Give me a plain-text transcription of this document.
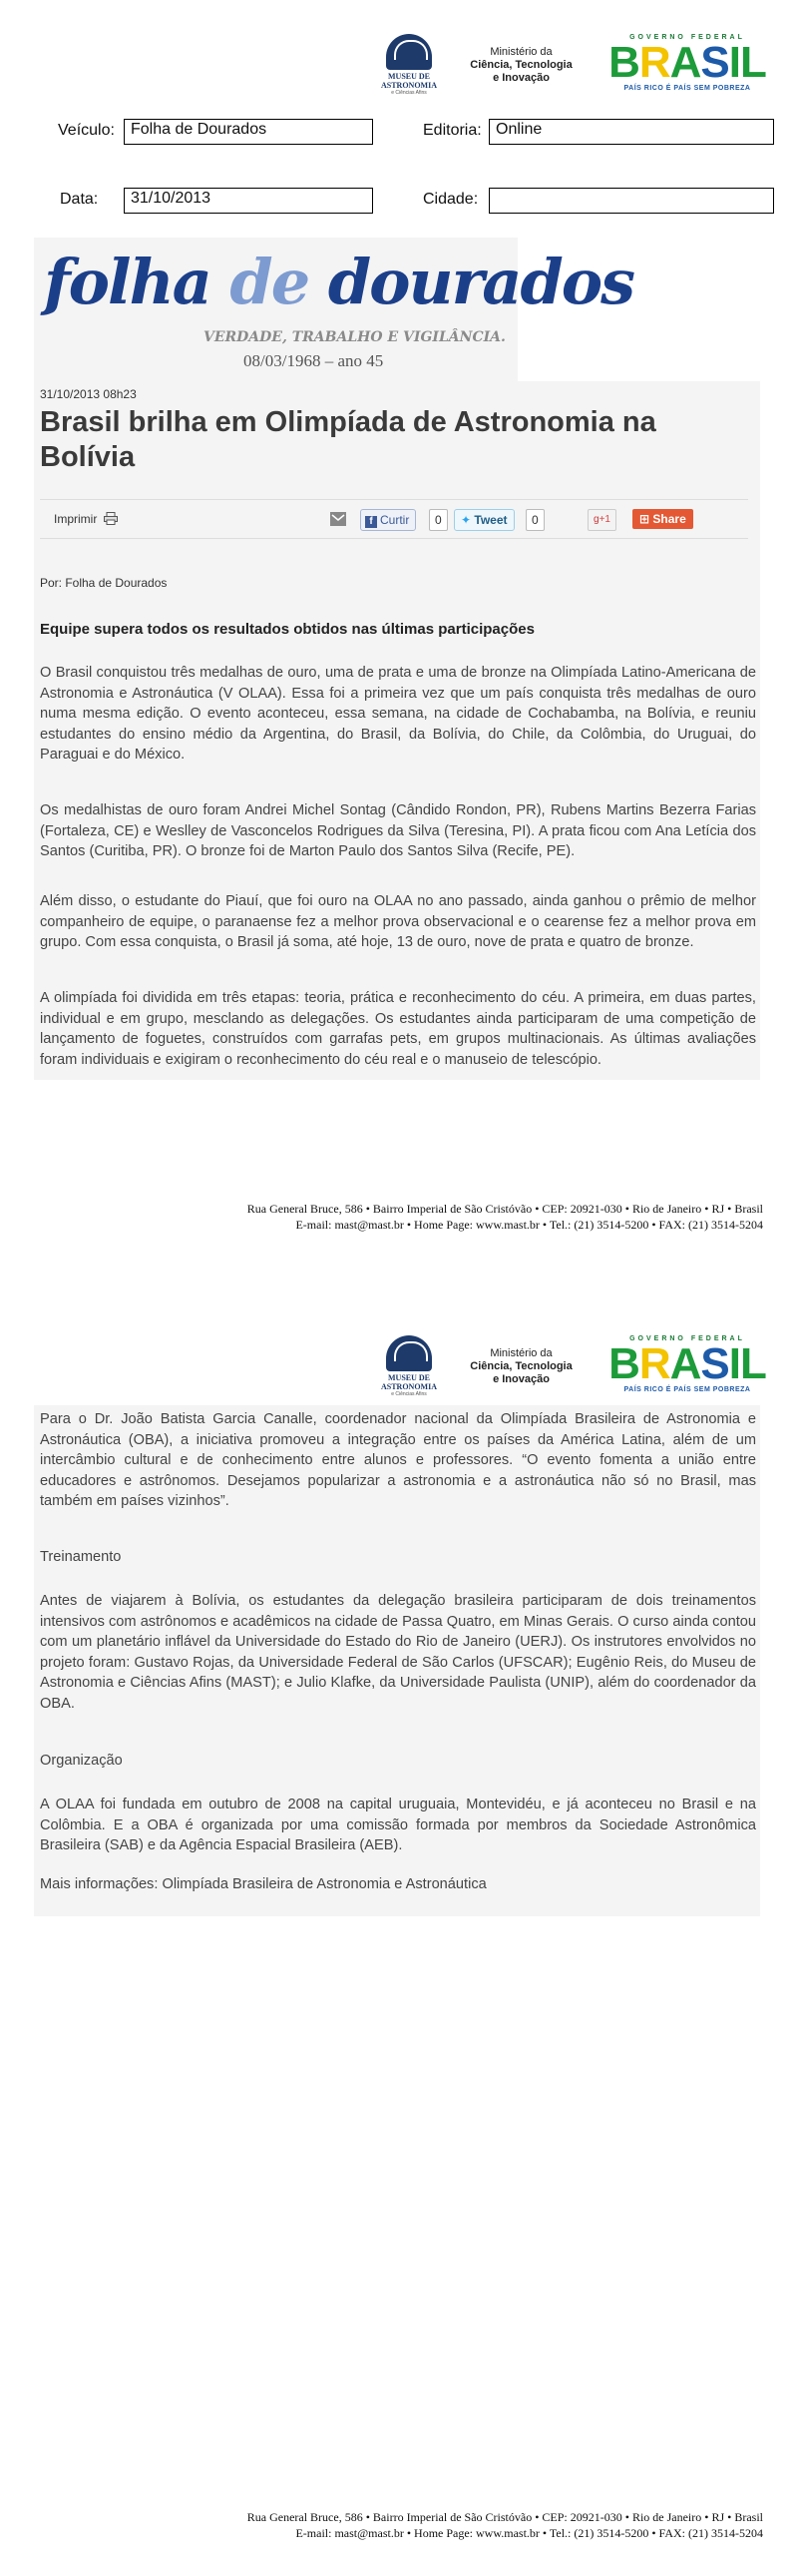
MUSEU DE
ASTRONOMIA
e Ciências Afins
Ministério da
Ciência, Tecnologia
e Inovação
GOVERNO FEDERAL
BRASIL
PAÍS RICO É PAÍS SEM POBREZA
Veículo:	Folha de Dourados	Editoria: Online
Data:	31/10/2013	Cidade:
folha de dourados
VERDADE, TRABALHO E VIGILÂNCIA.
08/03/1968 – ano 45
31/10/2013 08h23
Brasil brilha em Olimpíada de Astronomia na Bolívia
Imprimir	f Curtir	0	✦ Tweet	0	g+1	⊞ Share
Por: Folha de Dourados
Equipe supera todos os resultados obtidos nas últimas participações
O Brasil conquistou três medalhas de ouro, uma de prata e uma de bronze na Olimpíada Latino-Americana de Astronomia e Astronáutica (V OLAA). Essa foi a primeira vez que um país conquista três medalhas de ouro numa mesma edição. O evento aconteceu, essa semana, na cidade de Cochabamba, na Bolívia, e reuniu estudantes do ensino médio da Argentina, do Brasil, da Bolívia, do Chile, da Colômbia, do Uruguai, do Paraguai e do México.
Os medalhistas de ouro foram Andrei Michel Sontag (Cândido Rondon, PR), Rubens Martins Bezerra Farias (Fortaleza, CE) e Weslley de Vasconcelos Rodrigues da Silva (Teresina, PI). A prata ficou com Ana Letícia dos Santos (Curitiba, PR). O bronze foi de Marton Paulo dos Santos Silva (Recife, PE).
Além disso, o estudante do Piauí, que foi ouro na OLAA no ano passado, ainda ganhou o prêmio de melhor companheiro de equipe, o paranaense fez a melhor prova observacional e o cearense fez a melhor prova em grupo. Com essa conquista, o Brasil já soma, até hoje, 13 de ouro, nove de prata e quatro de bronze.
A olimpíada foi dividida em três etapas: teoria, prática e reconhecimento do céu. A primeira, em duas partes, individual e em grupo, mesclando as delegações. Os estudantes ainda participaram de uma competição de lançamento de foguetes, construídos com garrafas pets, em grupos multinacionais. As últimas avaliações foram individuais e exigiram o reconhecimento do céu real e o manuseio de telescópio.
Rua General Bruce, 586 • Bairro Imperial de São Cristóvão • CEP: 20921-030 • Rio de Janeiro • RJ • Brasil
E-mail: mast@mast.br • Home Page: www.mast.br • Tel.: (21) 3514-5200 • FAX: (21) 3514-5204
MUSEU DE
ASTRONOMIA
e Ciências Afins
Ministério da
Ciência, Tecnologia
e Inovação
GOVERNO FEDERAL
BRASIL
PAÍS RICO É PAÍS SEM POBREZA
Para o Dr. João Batista Garcia Canalle, coordenador nacional da Olimpíada Brasileira de Astronomia e Astronáutica (OBA), a iniciativa promoveu a integração entre os países da América Latina, além de um intercâmbio cultural e de conhecimento entre alunos e professores. “O evento fomenta a união entre educadores e astrônomos. Desejamos popularizar a astronomia e a astronáutica não só no Brasil, mas também em países vizinhos”.
Treinamento
Antes de viajarem à Bolívia, os estudantes da delegação brasileira participaram de dois treinamentos intensivos com astrônomos e acadêmicos na cidade de Passa Quatro, em Minas Gerais. O curso ainda contou com um planetário inflável da Universidade do Estado do Rio de Janeiro (UERJ). Os instrutores envolvidos no projeto foram: Gustavo Rojas, da Universidade Federal de São Carlos (UFSCAR); Eugênio Reis, do Museu de Astronomia e Ciências Afins (MAST); e Julio Klafke, da Universidade Paulista (UNIP), além do coordenador da OBA.
Organização
A OLAA foi fundada em outubro de 2008 na capital uruguaia, Montevidéu, e já aconteceu no Brasil e na Colômbia. E a OBA é organizada por uma comissão formada por membros da Sociedade Astronômica Brasileira (SAB) e da Agência Espacial Brasileira (AEB).
Mais informações: Olimpíada Brasileira de Astronomia e Astronáutica
Rua General Bruce, 586 • Bairro Imperial de São Cristóvão • CEP: 20921-030 • Rio de Janeiro • RJ • Brasil
E-mail: mast@mast.br • Home Page: www.mast.br • Tel.: (21) 3514-5200 • FAX: (21) 3514-5204
